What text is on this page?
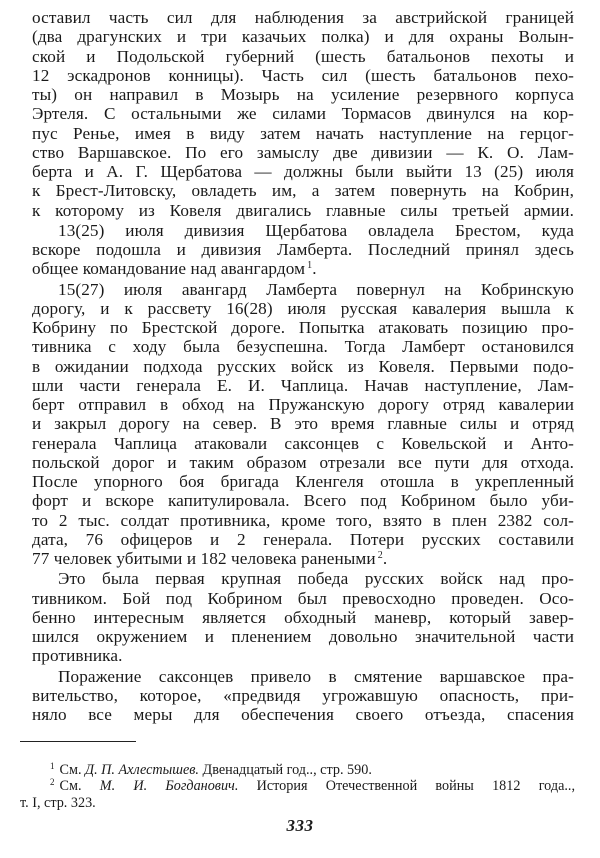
оставил часть сил для наблюдения за австрийской границей
(два драгунских и три казачьих полка) и для охраны Волын-
ской и Подольской губерний (шесть батальонов пехоты и
12 эскадронов конницы). Часть сил (шесть батальонов пехо-
ты) он направил в Мозырь на усиление резервного корпуса
Эртеля. С остальными же силами Тормасов двинулся на кор-
пус Ренье, имея в виду затем начать наступление на герцог-
ство Варшавское. По его замыслу две дивизии — К. О. Лам-
берта и А. Г. Щербатова — должны были выйти 13 (25) июля
к Брест-Литовску, овладеть им, а затем повернуть на Кобрин,
к которому из Ковеля двигались главные силы третьей армии.

13(25) июля дивизия Щербатова овладела Брестом, куда
вскоре подошла и дивизия Ламберта. Последний принял здесь
общее командование над авангардом $^1$.

15(27) июля авангард Ламберта повернул на Кобринскую
дорогу, и к рассвету 16(28) июля русская кавалерия вышла к
Кобрину по Брестской дороге. Попытка атаковать позицию про-
тивника с ходу была безуспешна. Тогда Ламберт остановился
в ожидании подхода русских войск из Ковеля. Первыми подо-
шли части генерала Е. И. Чаплица. Начав наступление, Лам-
берт отправил в обход на Пружанскую дорогу отряд кавалерии
и закрыл дорогу на север. В это время главные силы и отряд
генерала Чаплица атаковали саксонцев с Ковельской и Анто-
польской дорог и таким образом отрезали все пути для отхода.
После упорного боя бригада Кленгеля отошла в укрепленный
форт и вскоре капитулировала. Всего под Кобрином было уби-
то 2 тыс. солдат противника, кроме того, взято в плен 2382 сол-
дата, 76 офицеров и 2 генерала. Потери русских составили
77 человек убитыми и 182 человека ранеными $^2$.

Это была первая крупная победа русских войск над про-
тивником. Бой под Кобрином был превосходно проведен. Осо-
бенно интересным является обходный маневр, который завер-
шился окружением и пленением довольно значительной части
противника.

Поражение саксонцев привело в смятение варшавское пра-
вительство, которое, «предвидя угрожавшую опасность, при-
няло все меры для обеспечения своего отъезда, спасения

$^1$ См. Д. П. Ахлестышев. Двенадцатый год.., стр. 590.
$^2$ См. М. И. Богданович. История Отечественной войны 1812 года..,
т. I, стр. 323.
333
